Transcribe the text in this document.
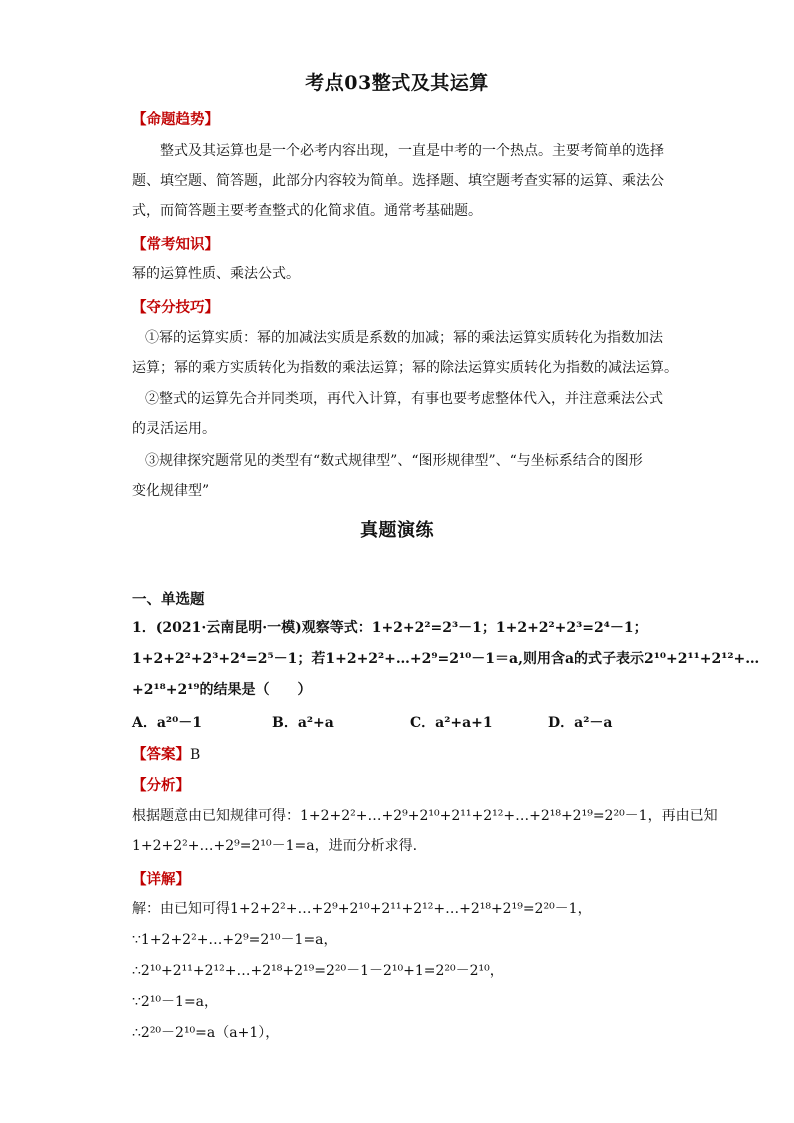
考点03整式及其运算
【命题趋势】
整式及其运算也是一个必考内容出现，一直是中考的一个热点。主要考简单的选择
题、填空题、简答题，此部分内容较为简单。选择题、填空题考查实幂的运算、乘法公
式，而简答题主要考查整式的化简求值。通常考基础题。
【常考知识】
幂的运算性质、乘法公式。
【夺分技巧】
①幂的运算实质：幂的加减法实质是系数的加减；幂的乘法运算实质转化为指数加法
运算；幂的乘方实质转化为指数的乘法运算；幂的除法运算实质转化为指数的减法运算。
②整式的运算先合并同类项，再代入计算，有事也要考虑整体代入，并注意乘法公式
的灵活运用。
③规律探究题常见的类型有“数式规律型”、“图形规律型”、“与坐标系结合的图形
变化规律型”
真题演练
一、单选题
1．(2021·云南昆明·一模)观察等式：1+2+2²=2³－1；1+2+2²+2³=2⁴－1；
1+2+2²+2³+2⁴=2⁵－1；若1+2+2²+…+2⁹=2¹⁰－1＝a,则用含a的式子表示2¹⁰+2¹¹+2¹²+…
+2¹⁸+2¹⁹的结果是（　　）
A．a²⁰－1	B．a²+a	C．a²+a+1	D．a²－a
【答案】B
【分析】
根据题意由已知规律可得：1+2+2²+…+2⁹+2¹⁰+2¹¹+2¹²+…+2¹⁸+2¹⁹=2²⁰－1，再由已知
1+2+2²+…+2⁹=2¹⁰－1=a，进而分析求得.
【详解】
解：由已知可得1+2+2²+…+2⁹+2¹⁰+2¹¹+2¹²+…+2¹⁸+2¹⁹=2²⁰－1，
∵1+2+2²+…+2⁹=2¹⁰－1=a，
∴2¹⁰+2¹¹+2¹²+…+2¹⁸+2¹⁹=2²⁰－1－2¹⁰+1=2²⁰－2¹⁰，
∵2¹⁰－1=a，
∴2²⁰－2¹⁰=a（a+1），
